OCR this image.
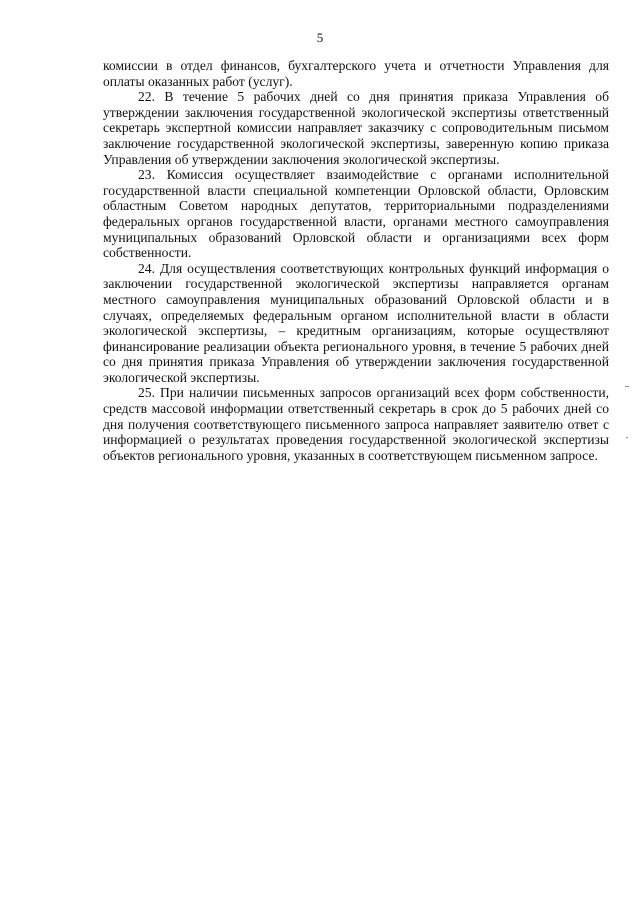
5

комиссии в отдел финансов, бухгалтерского учета и отчетности Управления для оплаты оказанных работ (услуг).

22. В течение 5 рабочих дней со дня принятия приказа Управления об утверждении заключения государственной экологической экспертизы ответственный секретарь экспертной комиссии направляет заказчику с сопроводительным письмом заключение государственной экологической экспертизы, заверенную копию приказа Управления об утверждении заключения экологической экспертизы.

23. Комиссия осуществляет взаимодействие с органами исполнительной государственной власти специальной компетенции Орловской области, Орловским областным Советом народных депутатов, территориальными подразделениями федеральных органов государственной власти, органами местного самоуправления муниципальных образований Орловской области и организациями всех форм собственности.

24. Для осуществления соответствующих контрольных функций информация о заключении государственной экологической экспертизы направляется органам местного самоуправления муниципальных образований Орловской области и в случаях, определяемых федеральным органом исполнительной власти в области экологической экспертизы, – кредитным организациям, которые осуществляют финансирование реализации объекта регионального уровня, в течение 5 рабочих дней со дня принятия приказа Управления об утверждении заключения государственной экологической экспертизы.

25. При наличии письменных запросов организаций всех форм собственности, средств массовой информации ответственный секретарь в срок до 5 рабочих дней со дня получения соответствующего письменного запроса направляет заявителю ответ с информацией о результатах проведения государственной экологической экспертизы объектов регионального уровня, указанных в соответствующем письменном запросе.
